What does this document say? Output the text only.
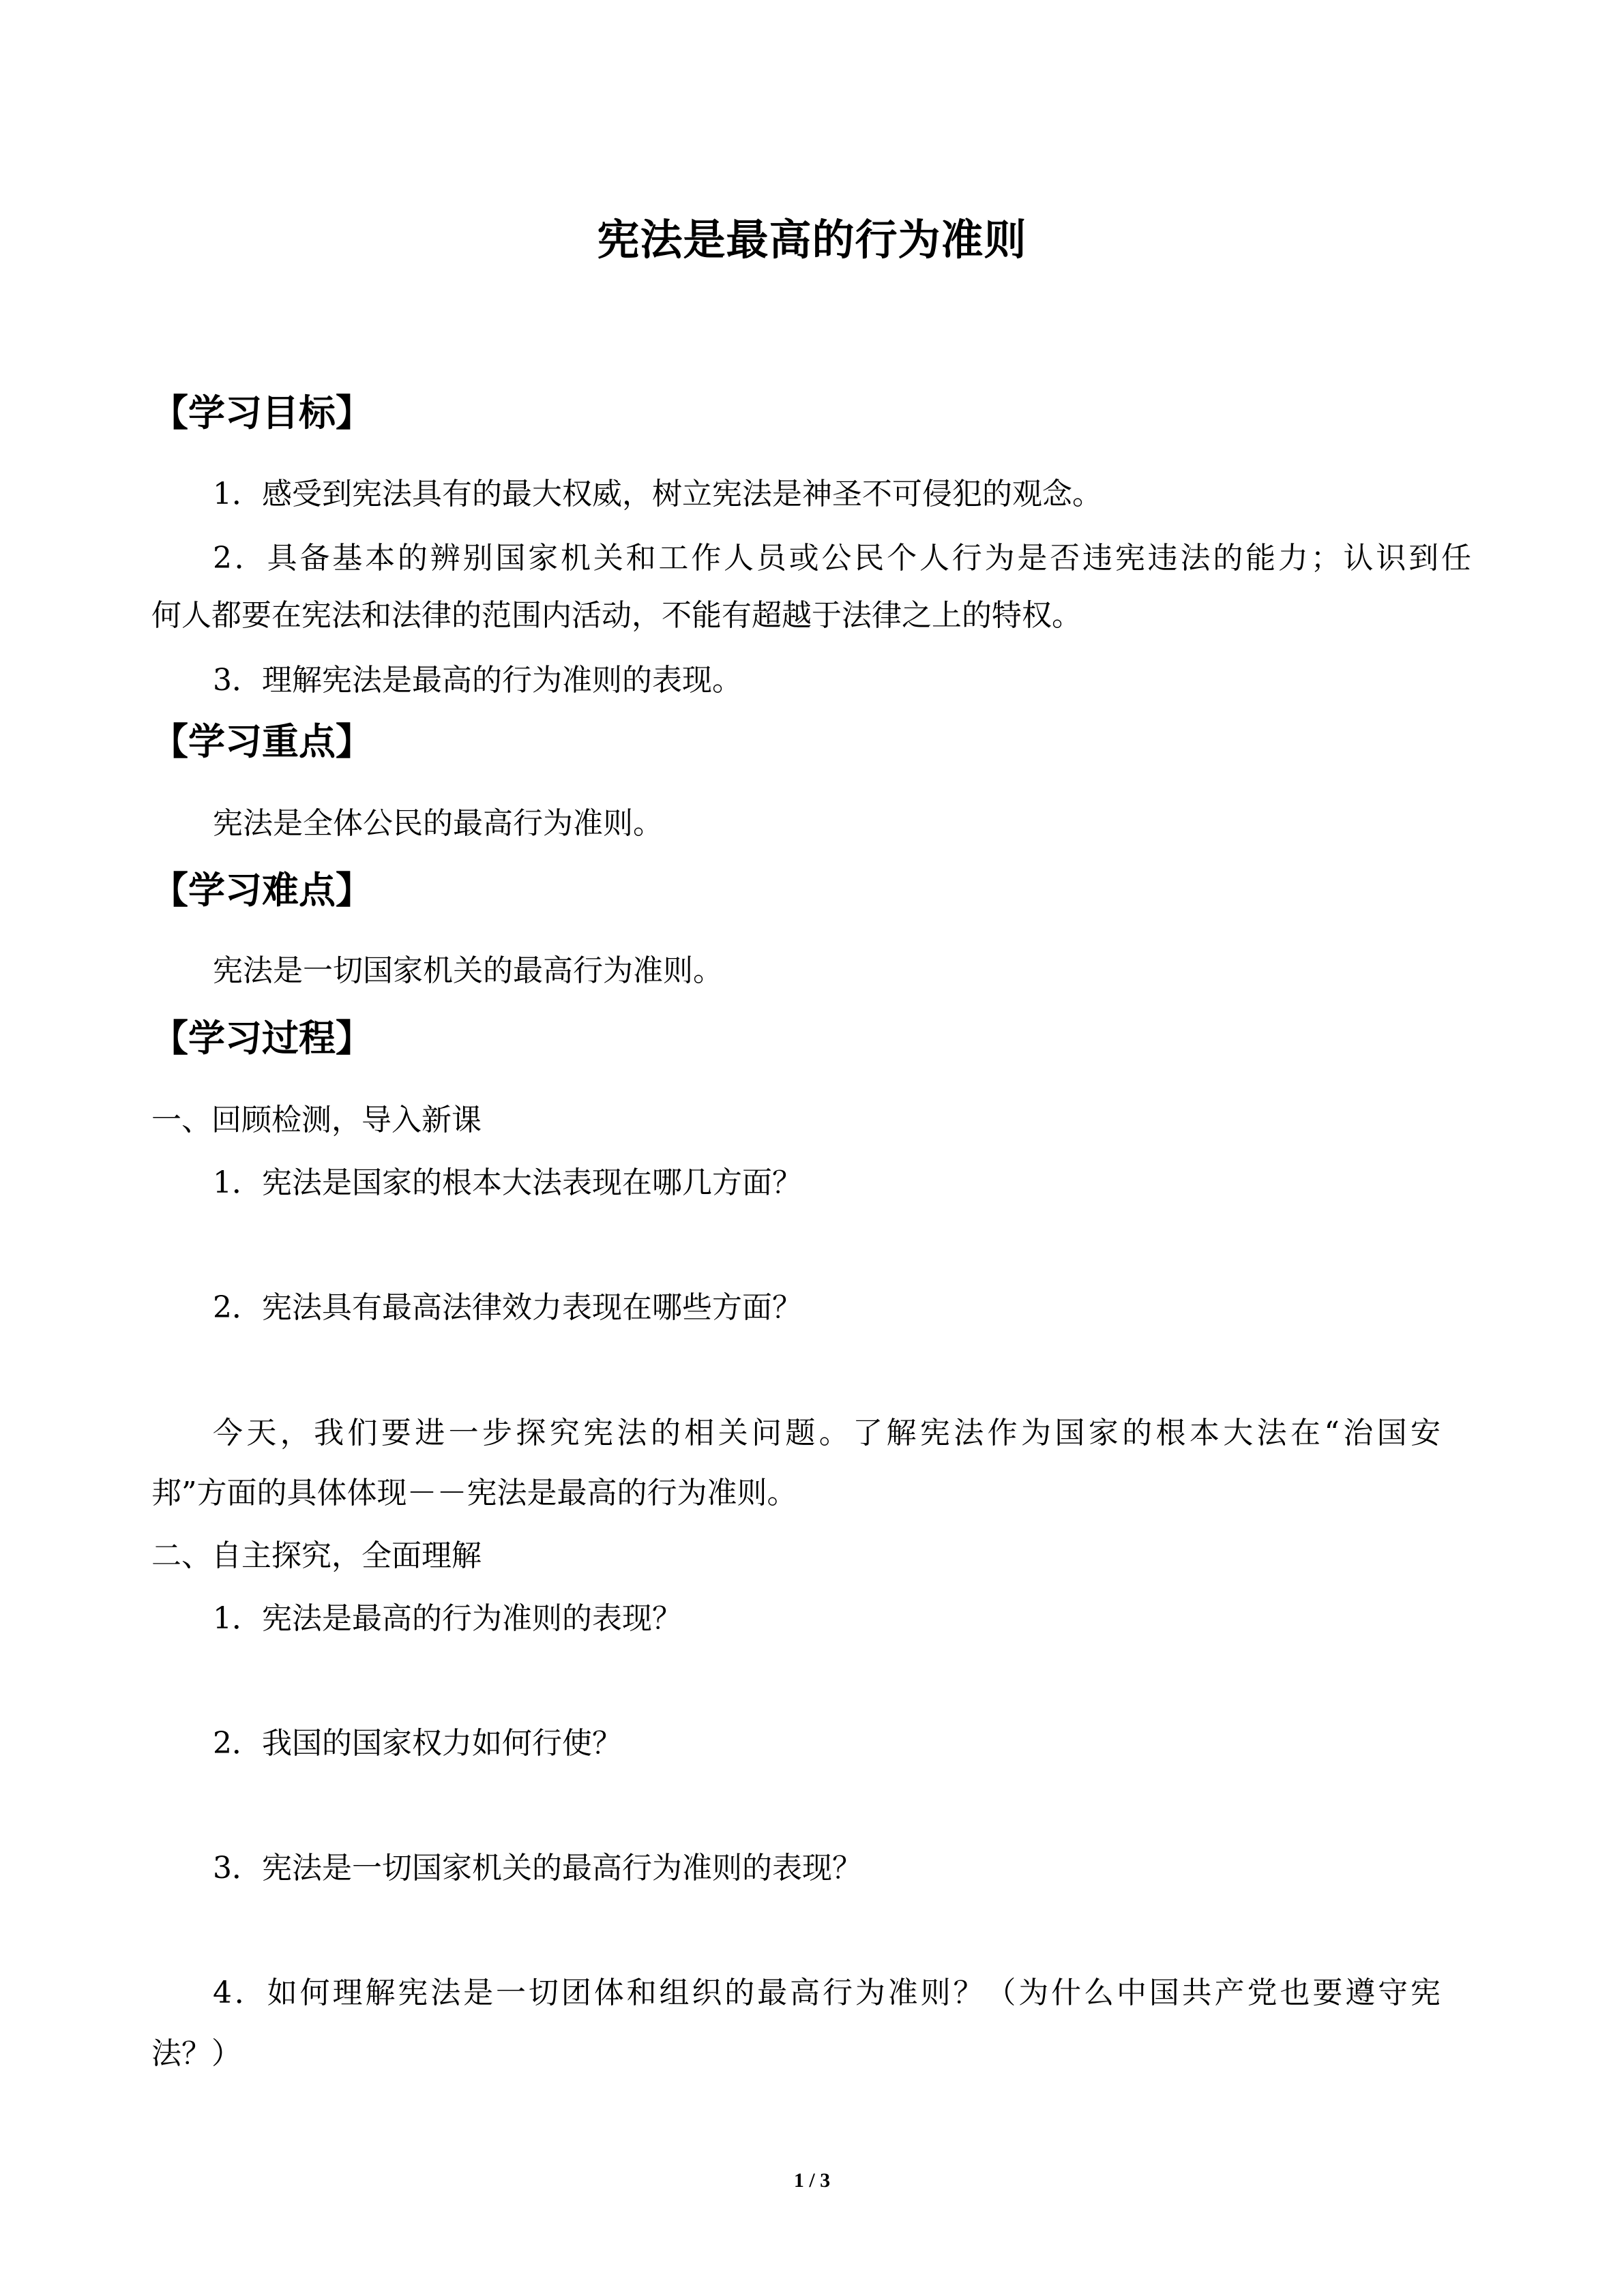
宪法是最高的行为准则
【学习目标】
1．感受到宪法具有的最大权威，树立宪法是神圣不可侵犯的观念。
2．具备基本的辨别国家机关和工作人员或公民个人行为是否违宪违法的能力；认识到任
何人都要在宪法和法律的范围内活动，不能有超越于法律之上的特权。
3．理解宪法是最高的行为准则的表现。
【学习重点】
宪法是全体公民的最高行为准则。
【学习难点】
宪法是一切国家机关的最高行为准则。
【学习过程】
一、回顾检测，导入新课
1．宪法是国家的根本大法表现在哪几方面？
2．宪法具有最高法律效力表现在哪些方面？
今天，我们要进一步探究宪法的相关问题。了解宪法作为国家的根本大法在“治国安
邦”方面的具体体现－－宪法是最高的行为准则。
二、自主探究，全面理解
1．宪法是最高的行为准则的表现？
2．我国的国家权力如何行使？
3．宪法是一切国家机关的最高行为准则的表现？
4．如何理解宪法是一切团体和组织的最高行为准则？（为什么中国共产党也要遵守宪
法？）
1 / 3
